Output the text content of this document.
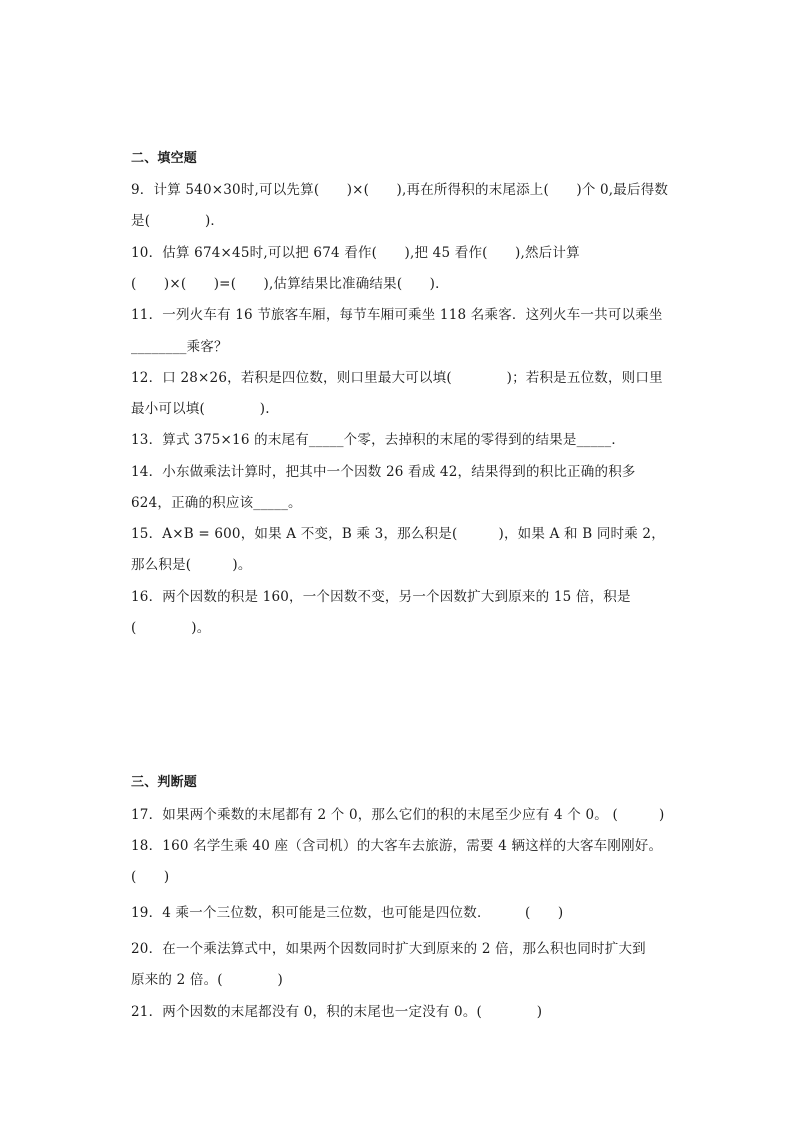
二、填空题
9．计算 540×30时,可以先算(　　)×(　　),再在所得积的末尾添上(　　)个 0,最后得数
是(　　　　)．
10．估算 674×45时,可以把 674 看作(　　),把 45 看作(　　),然后计算
(　　)×(　　)=(　　),估算结果比准确结果(　　)．
11．一列火车有 16 节旅客车厢，每节车厢可乘坐 118 名乘客．这列火车一共可以乘坐
________乘客？
12．口 28×26，若积是四位数，则口里最大可以填(　　　　)；若积是五位数，则口里
最小可以填(　　　　).
13．算式 375×16 的末尾有_____个零，去掉积的末尾的零得到的结果是_____．
14．小东做乘法计算时，把其中一个因数 26 看成 42，结果得到的积比正确的积多
624，正确的积应该_____。
15．A×B = 600，如果 A 不变，B 乘 3，那么积是(　　　)，如果 A 和 B 同时乘 2，
那么积是(　　　)。
16．两个因数的积是 160，一个因数不变，另一个因数扩大到原来的 15 倍，积是
(　　　　)。
三、判断题
17．如果两个乘数的末尾都有 2 个 0，那么它们的积的末尾至少应有 4 个 0。 (　　　)
18．160 名学生乘 40 座（含司机）的大客车去旅游，需要 4 辆这样的大客车刚刚好。
(　　)
19．4 乘一个三位数，积可能是三位数，也可能是四位数．　　　(　　)
20．在一个乘法算式中，如果两个因数同时扩大到原来的 2 倍，那么积也同时扩大到
原来的 2 倍。(　　　　)
21．两个因数的末尾都没有 0，积的末尾也一定没有 0。(　　　　)
